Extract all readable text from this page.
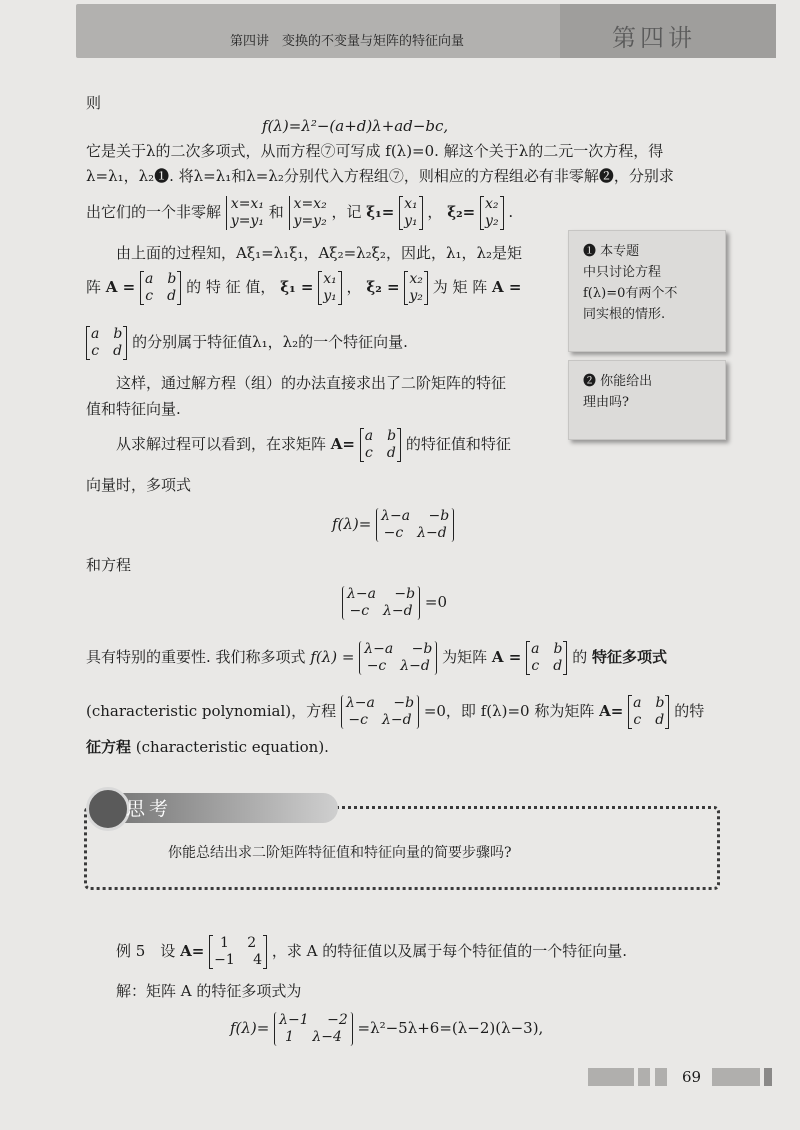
第四讲　变换的不变量与矩阵的特征向量	第四讲
则
f(λ)=λ²−(a+d)λ+ad−bc,
它是关于λ的二次多项式，从而方程⑦可写成 f(λ)=0. 解这个关于λ的二元一次方程，得
λ=λ₁，λ₂❶. 将λ=λ₁和λ=λ₂分别代入方程组⑦，则相应的方程组必有非零解❷，分别求
出它们的一个非零解 x=x₁
y=y₁ 和 x=x₂
y=y₂ ，记 ξ₁= x₁
y₁ ， ξ₂= x₂
y₂ .
由上面的过程知，Aξ₁=λ₁ξ₁，Aξ₂=λ₂ξ₂，因此，λ₁，λ₂是矩
阵 A = a　b
c　d 的 特 征 值， ξ₁ = x₁
y₁ ， ξ₂ = x₂
y₂ 为 矩 阵 A =
a　b
c　d 的分别属于特征值λ₁，λ₂的一个特征向量.
这样，通过解方程（组）的办法直接求出了二阶矩阵的特征
值和特征向量.
从求解过程可以看到，在求矩阵 A= a　b
c　d 的特征值和特征
向量时，多项式
f(λ)= λ−a　 −b
−c　λ−d
和方程
λ−a　 −b
−c　λ−d =0
具有特别的重要性. 我们称多项式 f(λ) = λ−a　 −b
−c　λ−d 为矩阵 A = a　b
c　d 的 特征多项式
(characteristic polynomial)，方程 λ−a　 −b
−c　λ−d =0，即 f(λ)=0 称为矩阵 A= a　b
c　d 的特
征方程 (characteristic equation).
❶ 本专题
中只讨论方程
f(λ)=0有两个不
同实根的情形.
❷ 你能给出
理由吗?
思考
你能总结出求二阶矩阵特征值和特征向量的简要步骤吗?
例 5　设 A=	1　 2
−1　 4 ，求 A 的特征值以及属于每个特征值的一个特征向量.
解：矩阵 A 的特征多项式为
f(λ)= λ−1　 −2
1　 λ−4	=λ²−5λ+6=(λ−2)(λ−3),
69
